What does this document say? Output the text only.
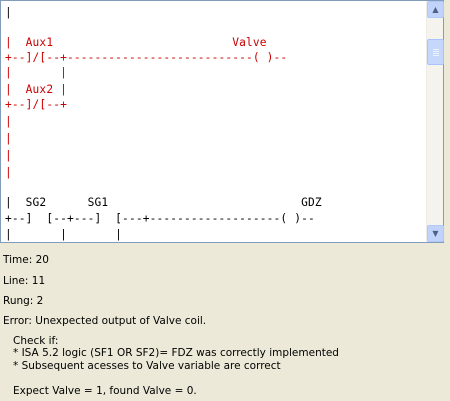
|
|  Aux1                          Valve
+--]/[--+---------------------------( )--
|       |
|  Aux2 |
+--]/[--+
|
|
|
|
|  SG2      SG1                            GDZ
+--]  [--+---]  [---+-------------------( )--
|       |       |
▲
▼
Time: 20
Line: 11
Rung: 2
Error: Unexpected output of Valve coil.
Check if:
* ISA 5.2 logic (SF1 OR SF2)= FDZ was correctly implemented
* Subsequent acesses to Valve variable are correct
Expect Valve = 1, found Valve = 0.
